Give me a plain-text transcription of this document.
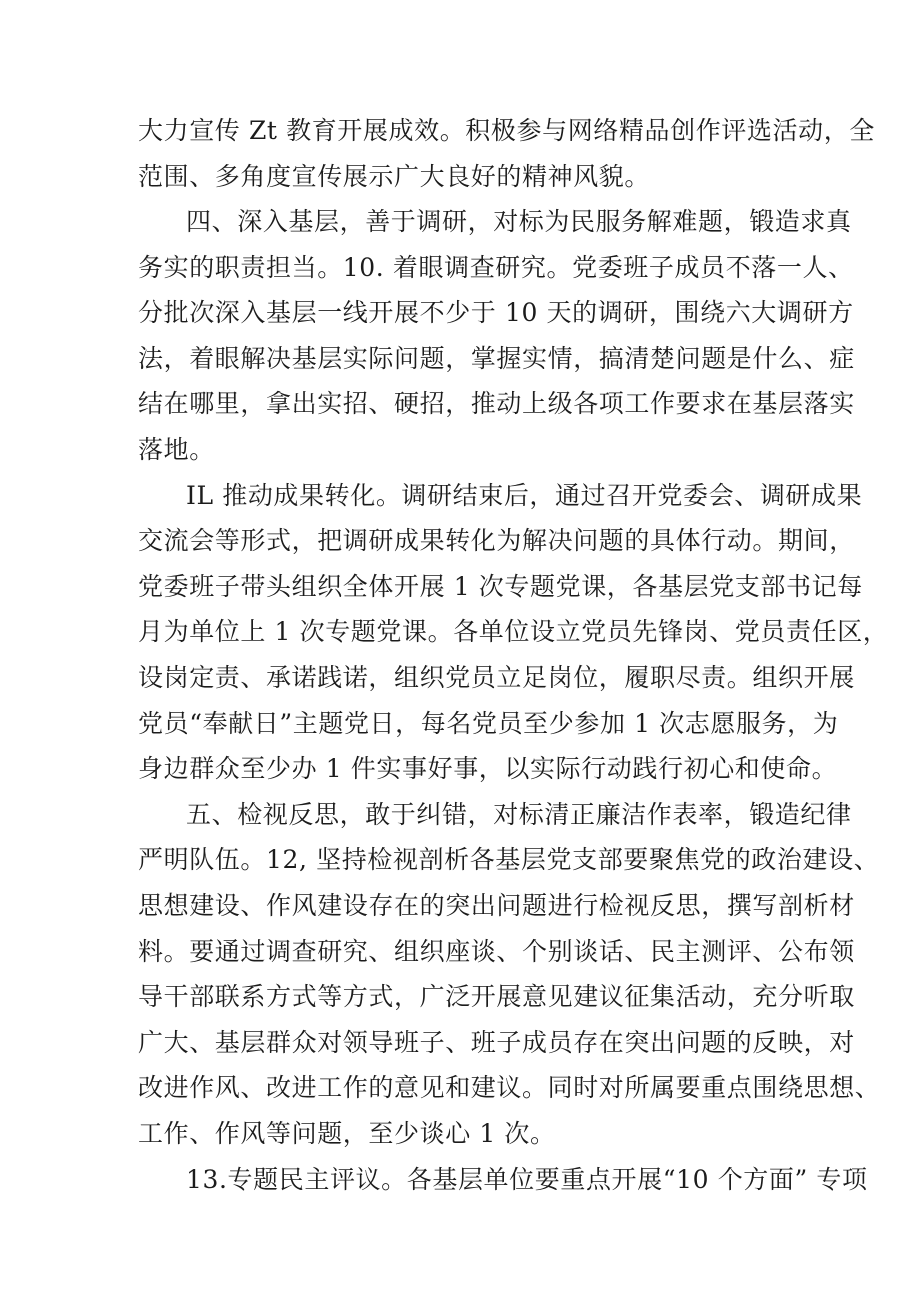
大力宣传 Zt 教育开展成效。积极参与网络精品创作评选活动，全
范围、多角度宣传展示广大良好的精神风貌。
四、深入基层，善于调研，对标为民服务解难题，锻造求真
务实的职责担当。10. 着眼调查研究。党委班子成员不落一人、
分批次深入基层一线开展不少于 10 天的调研，围绕六大调研方
法，着眼解决基层实际问题，掌握实情，搞清楚问题是什么、症
结在哪里，拿出实招、硬招，推动上级各项工作要求在基层落实
落地。
IL 推动成果转化。调研结束后，通过召开党委会、调研成果
交流会等形式，把调研成果转化为解决问题的具体行动。期间，
党委班子带头组织全体开展 1 次专题党课，各基层党支部书记每
月为单位上 1 次专题党课。各单位设立党员先锋岗、党员责任区，
设岗定责、承诺践诺，组织党员立足岗位，履职尽责。组织开展
党员“奉献日”主题党日，每名党员至少参加 1 次志愿服务，为
身边群众至少办 1 件实事好事，以实际行动践行初心和使命。
五、检视反思，敢于纠错，对标清正廉洁作表率，锻造纪律
严明队伍。12, 坚持检视剖析各基层党支部要聚焦党的政治建设、
思想建设、作风建设存在的突出问题进行检视反思，撰写剖析材
料。要通过调查研究、组织座谈、个别谈话、民主测评、公布领
导干部联系方式等方式，广泛开展意见建议征集活动，充分听取
广大、基层群众对领导班子、班子成员存在突出问题的反映，对
改进作风、改进工作的意见和建议。同时对所属要重点围绕思想、
工作、作风等问题，至少谈心 1 次。
13.专题民主评议。各基层单位要重点开展“10 个方面” 专项
